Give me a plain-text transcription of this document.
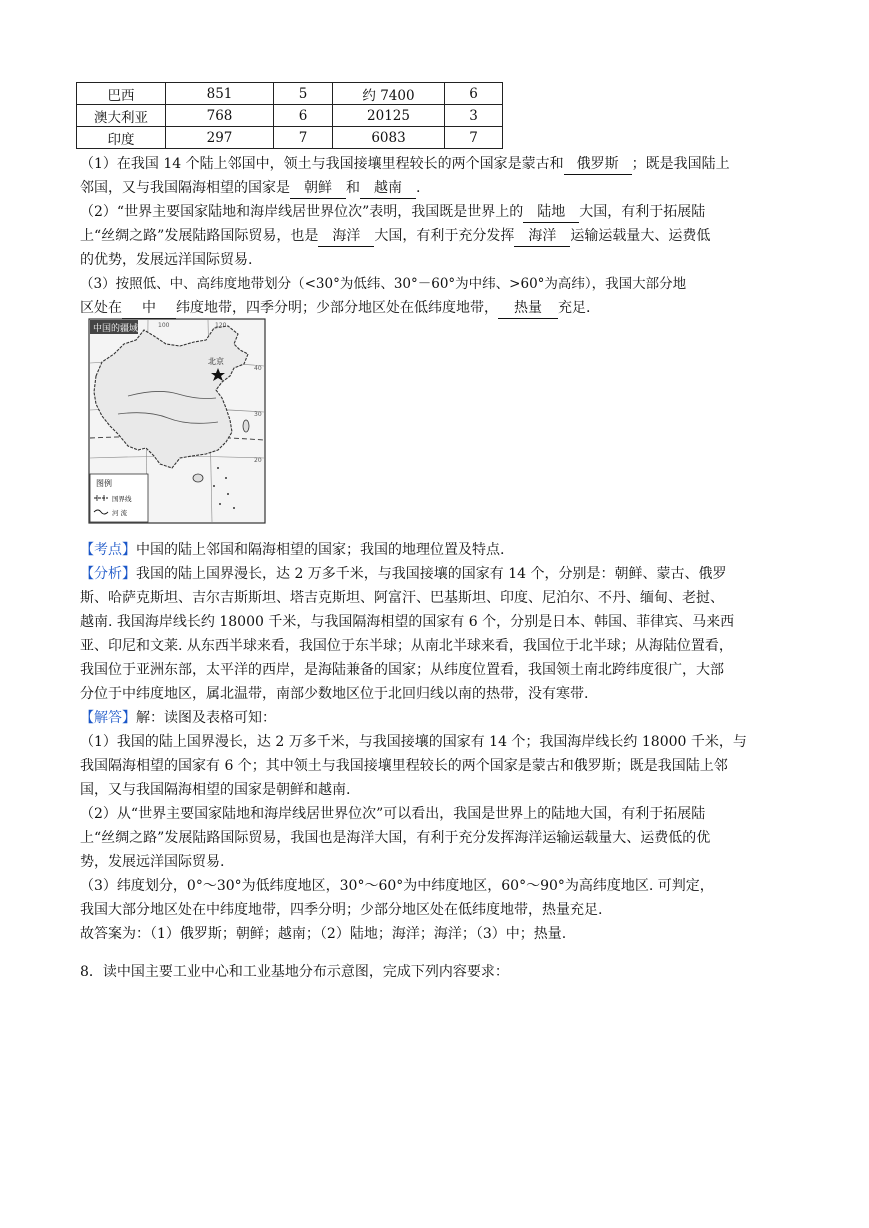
巴西	851	5	约 7400	6
澳大利亚	768	6	20125	3
印度	297	7	6083	7
（1）在我国 14 个陆上邻国中，领土与我国接壤里程较长的两个国家是蒙古和 俄罗斯 ；既是我国陆上
邻国，又与我国隔海相望的国家是 朝鲜 和 越南 .
（2）“世界主要国家陆地和海岸线居世界位次”表明，我国既是世界上的 陆地 大国，有利于拓展陆
上“丝绸之路”发展陆路国际贸易，也是 海洋 大国，有利于充分发挥 海洋 运输运载量大、运费低
的优势，发展远洋国际贸易.
（3）按照低、中、高纬度地带划分（<30°为低纬、30°－60°为中纬、>60°为高纬），我国大部分地
区处在 中 纬度地带，四季分明；少部分地区处在低纬度地带， 热量 充足.
中国的疆域
北京
100	120
40
30
20
图例
国界线
河 流
【考点】中国的陆上邻国和隔海相望的国家；我国的地理位置及特点.
【分析】我国的陆上国界漫长，达 2 万多千米，与我国接壤的国家有 14 个，分别是：朝鲜、蒙古、俄罗
斯、哈萨克斯坦、吉尔吉斯斯坦、塔吉克斯坦、阿富汗、巴基斯坦、印度、尼泊尔、不丹、缅甸、老挝、
越南. 我国海岸线长约 18000 千米，与我国隔海相望的国家有 6 个，分别是日本、韩国、菲律宾、马来西
亚、印尼和文莱. 从东西半球来看，我国位于东半球；从南北半球来看，我国位于北半球；从海陆位置看，
我国位于亚洲东部，太平洋的西岸，是海陆兼备的国家；从纬度位置看，我国领土南北跨纬度很广，大部
分位于中纬度地区，属北温带，南部少数地区位于北回归线以南的热带，没有寒带.
【解答】解：读图及表格可知：
（1）我国的陆上国界漫长，达 2 万多千米，与我国接壤的国家有 14 个；我国海岸线长约 18000 千米，与
我国隔海相望的国家有 6 个；其中领土与我国接壤里程较长的两个国家是蒙古和俄罗斯；既是我国陆上邻
国，又与我国隔海相望的国家是朝鲜和越南.
（2）从“世界主要国家陆地和海岸线居世界位次”可以看出，我国是世界上的陆地大国，有利于拓展陆
上“丝绸之路”发展陆路国际贸易，我国也是海洋大国，有利于充分发挥海洋运输运载量大、运费低的优
势，发展远洋国际贸易.
（3）纬度划分，0°～30°为低纬度地区，30°～60°为中纬度地区，60°～90°为高纬度地区. 可判定，
我国大部分地区处在中纬度地带，四季分明；少部分地区处在低纬度地带，热量充足.
故答案为：（1）俄罗斯；朝鲜；越南；（2）陆地；海洋；海洋；（3）中；热量.
8．读中国主要工业中心和工业基地分布示意图，完成下列内容要求：
